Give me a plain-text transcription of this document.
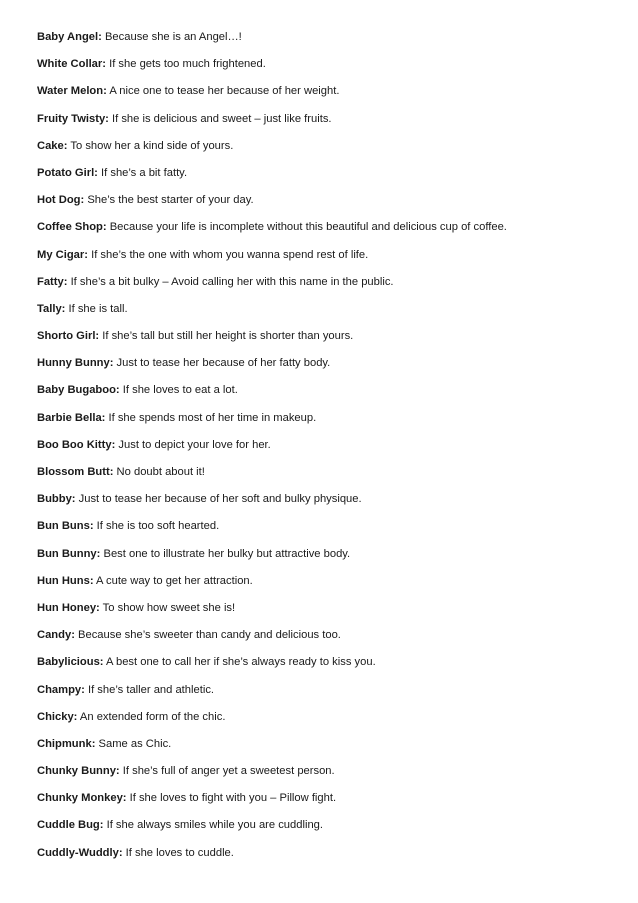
Baby Angel: Because she is an Angel…!
White Collar: If she gets too much frightened.
Water Melon: A nice one to tease her because of her weight.
Fruity Twisty: If she is delicious and sweet – just like fruits.
Cake: To show her a kind side of yours.
Potato Girl: If she’s a bit fatty.
Hot Dog: She’s the best starter of your day.
Coffee Shop: Because your life is incomplete without this beautiful and delicious cup of coffee.
My Cigar: If she’s the one with whom you wanna spend rest of life.
Fatty: If she’s a bit bulky – Avoid calling her with this name in the public.
Tally: If she is tall.
Shorto Girl: If she’s tall but still her height is shorter than yours.
Hunny Bunny: Just to tease her because of her fatty body.
Baby Bugaboo: If she loves to eat a lot.
Barbie Bella: If she spends most of her time in makeup.
Boo Boo Kitty: Just to depict your love for her.
Blossom Butt: No doubt about it!
Bubby: Just to tease her because of her soft and bulky physique.
Bun Buns: If she is too soft hearted.
Bun Bunny: Best one to illustrate her bulky but attractive body.
Hun Huns: A cute way to get her attraction.
Hun Honey: To show how sweet she is!
Candy: Because she’s sweeter than candy and delicious too.
Babylicious: A best one to call her if she’s always ready to kiss you.
Champy: If she’s taller and athletic.
Chicky: An extended form of the chic.
Chipmunk: Same as Chic.
Chunky Bunny: If she’s full of anger yet a sweetest person.
Chunky Monkey: If she loves to fight with you – Pillow fight.
Cuddle Bug: If she always smiles while you are cuddling.
Cuddly-Wuddly: If she loves to cuddle.
